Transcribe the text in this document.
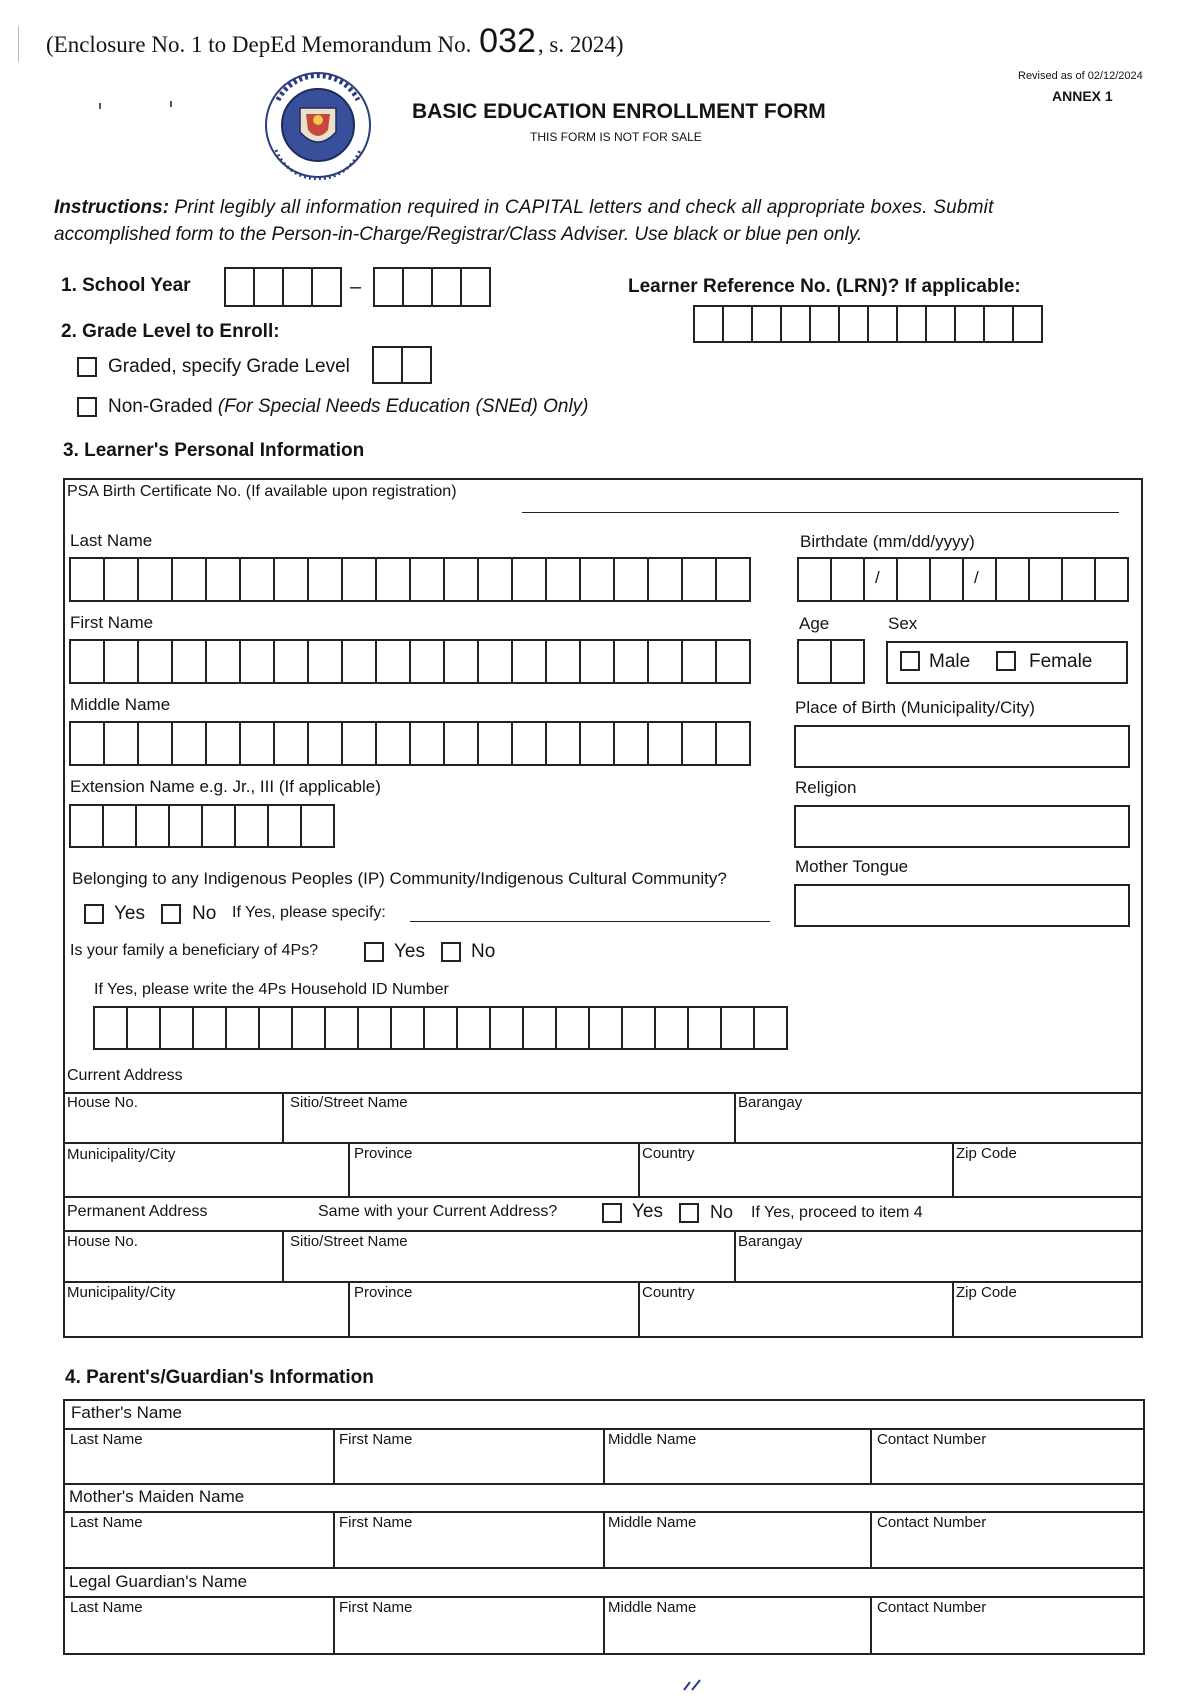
(Enclosure No. 1 to DepEd Memorandum No. 032, s. 2024)
Revised as of 02/12/2024
ANNEX 1
BASIC EDUCATION ENROLLMENT FORM
THIS FORM IS NOT FOR SALE
Instructions: Print legibly all information required in CAPITAL letters and check all appropriate boxes. Submit
accomplished form to the Person-in-Charge/Registrar/Class Adviser. Use black or blue pen only.
1. School Year	–	Learner Reference No. (LRN)? If applicable:
2. Grade Level to Enroll:
Graded, specify Grade Level
Non-Graded (For Special Needs Education (SNEd) Only)
3. Learner's Personal Information
PSA Birth Certificate No. (If available upon registration)
Last Name
First Name
Middle Name
Extension Name e.g. Jr., III (If applicable)
Birthdate (mm/dd/yyyy)
/	/
Age	Sex
Male	Female
Place of Birth (Municipality/City)
Religion
Mother Tongue
Belonging to any Indigenous Peoples (IP) Community/Indigenous Cultural Community?
Yes No If Yes, please specify:
Is your family a beneficiary of 4Ps?	Yes No
If Yes, please write the 4Ps Household ID Number
Current Address
House No.	Sitio/Street Name	Barangay
Municipality/City	Province	Country	Zip Code
Permanent Address	Same with your Current Address?	Yes	No If Yes, proceed to item 4
House No.	Sitio/Street Name	Barangay
Municipality/City	Province	Country	Zip Code
4. Parent's/Guardian's Information
Father's Name
Last Name	First Name	Middle Name	Contact Number
Mother's Maiden Name
Last Name	First Name	Middle Name	Contact Number
Legal Guardian's Name
Last Name	First Name	Middle Name	Contact Number
